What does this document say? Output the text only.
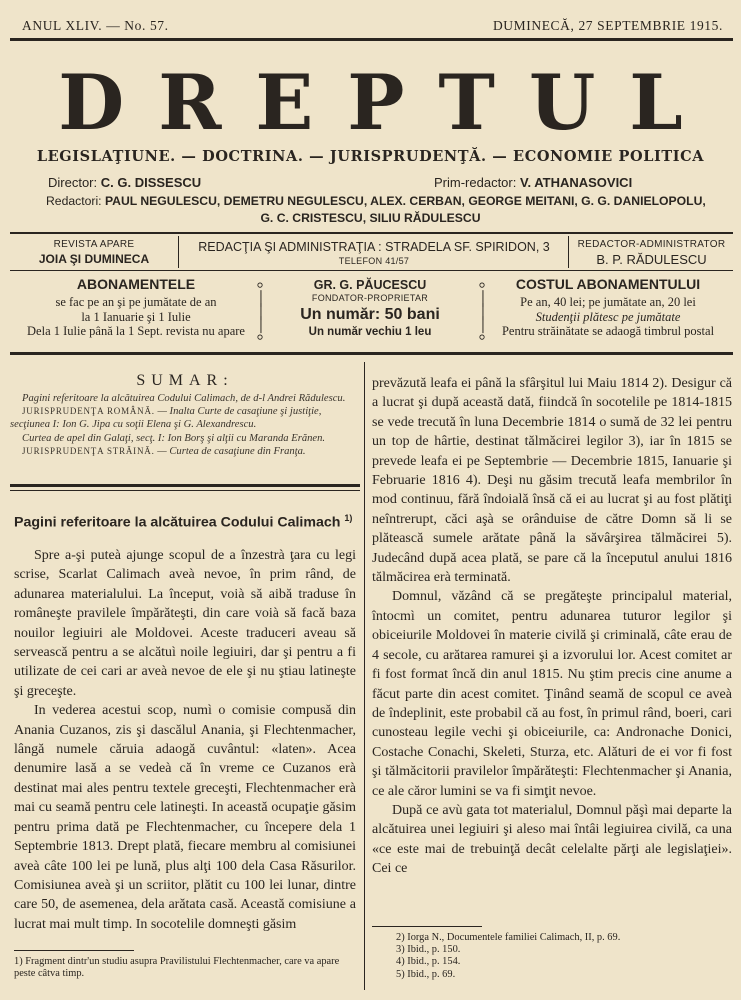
ANUL XLIV. — No. 57.	DUMINECĂ, 27 SEPTEMBRIE 1915.
DREPTUL
LEGISLAŢIUNE. — DOCTRINA. — JURISPRUDENŢĂ. — ECONOMIE POLITICA
Director: C. G. DISSESCU	Prim-redactor: V. ATHANASOVICI
Redactori: PAUL NEGULESCU, DEMETRU NEGULESCU, ALEX. CERBAN, GEORGE MEITANI, G. G. DANIELOPOLU,
G. C. CRISTESCU, SILIU RĂDULESCU
REVISTA APARE
JOIA ŞI DUMINECA
REDACŢIA ŞI ADMINISTRAŢIA : STRADELA SF. SPIRIDON, 3
TELEFON 41/57
REDACTOR-ADMINISTRATOR
B. P. RĂDULESCU
ABONAMENTELE
se fac pe an şi pe jumătate de an
la 1 Ianuarie şi 1 Iulie
Dela 1 Iulie până la 1 Sept. revista nu apare
⸰
│
│
│
⸰
⸰
│
│
│
⸰
GR. G. PĂUCESCU
FONDATOR-PROPRIETAR
Un număr: 50 bani
Un număr vechiu 1 leu
COSTUL ABONAMENTULUI
Pe an, 40 lei; pe jumătate an, 20 lei
Studenţii plătesc pe jumătate
Pentru străinătate se adaogă timbrul postal
SUMAR:
Pagini referitoare la alcătuirea Codului Calimach, de d-l Andrei Rădulescu.
JURISPRUDENŢA ROMÂNĂ. — Inalta Curte de casaţiune şi justiţie, secţiunea I: Ion G. Jipa cu soţii Elena şi G. Alexandrescu.
Curtea de apel din Galaţi, secţ. I: Ion Borş şi alţii cu Maranda Erănen.
JURISPRUDENŢA STRĂINĂ. — Curtea de casaţiune din Franţa.
Pagini referitoare la alcătuirea Codului Calimach $^{1)}$

Spre a-şi puteà ajunge scopul de a înzestrà ţara cu legi scrise, Scarlat Calimach aveà nevoe, în prim rând, de adunarea materialului. La început, voià să aibă traduse în româneşte pravilele împărăteşti, din care voià să facă baza nouilor legiuiri ale Moldovei. Aceste traduceri aveau să servească pentru a se alcătuì noile legiuiri, dar şi pentru a fi utilizate de cei cari ar aveà nevoe de ele şi nu ştiau latineşte şi greceşte.

In vederea acestui scop, numì o comisie compusă din Anania Cuzanos, zis şi dascălul Anania, şi Flechtenmacher, lângă numele căruia adaogă cuvântul: «laten». Acea denumire lasă a se vedeà că în vreme ce Cuzanos erà destinat mai ales pentru textele greceşti, Flechtenmacher erà mai cu seamă pentru cele latineşti. In această ocupaţie găsim pentru prima dată pe Flechtenmacher, cu începere dela 1 Septembrie 1813. Drept plată, fiecare membru al comisiunei aveà câte 100 lei pe lună, plus alţi 100 dela Casa Răsurilor. Comisiunea aveà şi un scriitor, plătit cu 100 lei lunar, dintre care 50, de asemenea, dela arătata casă. Această comisiune a lucrat mai mult timp. In socotelile domneşti găsim

1) Fragment dintr'un studiu asupra Pravilistului Flechtenmacher, care va apare peste câtva timp.

prevăzută leafa ei până la sfârşitul lui Maiu 1814 2). Desigur că a lucrat şi după această dată, fiindcă în socotelile pe 1814-1815 se vede trecută în luna Decembrie 1814 o sumă de 32 lei pentru un top de hârtie, destinat tălmăcirei legilor 3), iar în 1815 se prevede leafa ei pe Septembrie — Decembrie 1815, Ianuarie şi Februarie 1816 4). Deşi nu găsim trecută leafa membrilor în mod continuu, fără îndoială însă că ei au lucrat şi au fost plătiţi neîntrerupt, căci aşà se orânduise de către Domn să li se plătească sumele arătate până la săvârşirea tălmăcirei 5). Judecând după acea plată, se pare că la începutul anului 1816 tălmăcirea erà terminată.

Domnul, văzând că se pregăteşte principalul material, întocmì un comitet, pentru adunarea tuturor legilor şi obiceiurile Moldovei în materie civilă şi criminală, câte erau de 4 secole, cu arătarea ramurei şi a izvorului lor. Acest comitet ar fi fost format încă din anul 1815. Nu ştim precis cine anume a făcut parte din acest comitet. Ţinând seamă de scopul ce aveà de îndeplinit, este probabil că au fost, în primul rând, boeri, cari cunosteau legile vechi şi obiceiurile, ca: Andronache Donici, Costache Conachi, Skeleti, Sturza, etc. Alături de ei vor fi fost şi tălmăcitorii pravilelor împărăteşti: Flechtenmacher şi Anania, ce ale căror lumini se va fi simţit nevoe.

După ce avù gata tot materialul, Domnul păşì mai departe la alcătuirea unei legiuiri şi aleso mai întâi legiuirea civilă, ca una «ce este mai de trebuinţă decât celelalte părţi ale legislaţiei». Cei ce

2) Iorga N., Documentele familiei Calimach, II, p. 69.
3) Ibid., p. 150.
4) Ibid., p. 154.
5) Ibid., p. 69.
